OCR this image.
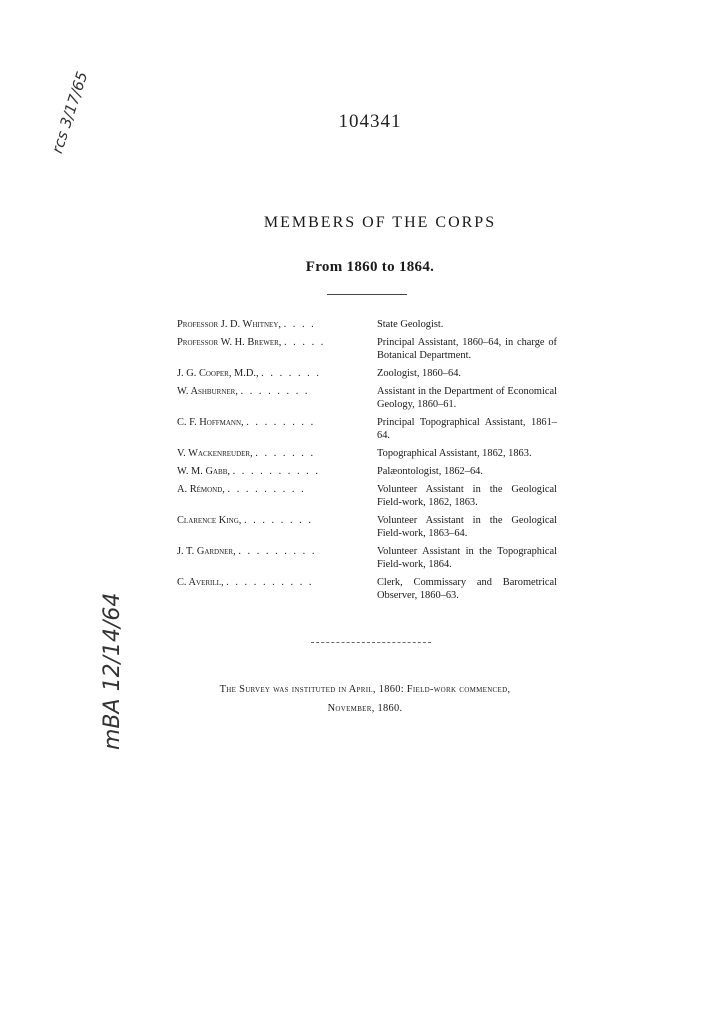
104341
rcs 3/17/65
MEMBERS OF THE CORPS
From 1860 to 1864.
Professor J. D. Whitney, . . . .	State Geologist.
Professor W. H. Brewer, . . . . .	Principal Assistant, 1860–64, in charge of Botanical Department.
J. G. Cooper, M.D., . . . . . . .	Zoologist, 1860–64.
W. Ashburner, . . . . . . . .	Assistant in the Department of Economical Geology, 1860–61.
C. F. Hoffmann, . . . . . . . .	Principal Topographical Assistant, 1861–64.
V. Wackenreuder, . . . . . . .	Topographical Assistant, 1862, 1863.
W. M. Gabb, . . . . . . . . . .	Palæontologist, 1862–64.
A. Rémond, . . . . . . . . .	Volunteer Assistant in the Geological Field-work, 1862, 1863.
Clarence King, . . . . . . . .	Volunteer Assistant in the Geological Field-work, 1863–64.
J. T. Gardner, . . . . . . . . .	Volunteer Assistant in the Topographical Field-work, 1864.
C. Averill, . . . . . . . . . .	Clerk, Commissary and Barometrical Observer, 1860–63.
mBA 12/14/64	The Survey was instituted in April, 1860: Field-work commenced,
November, 1860.
